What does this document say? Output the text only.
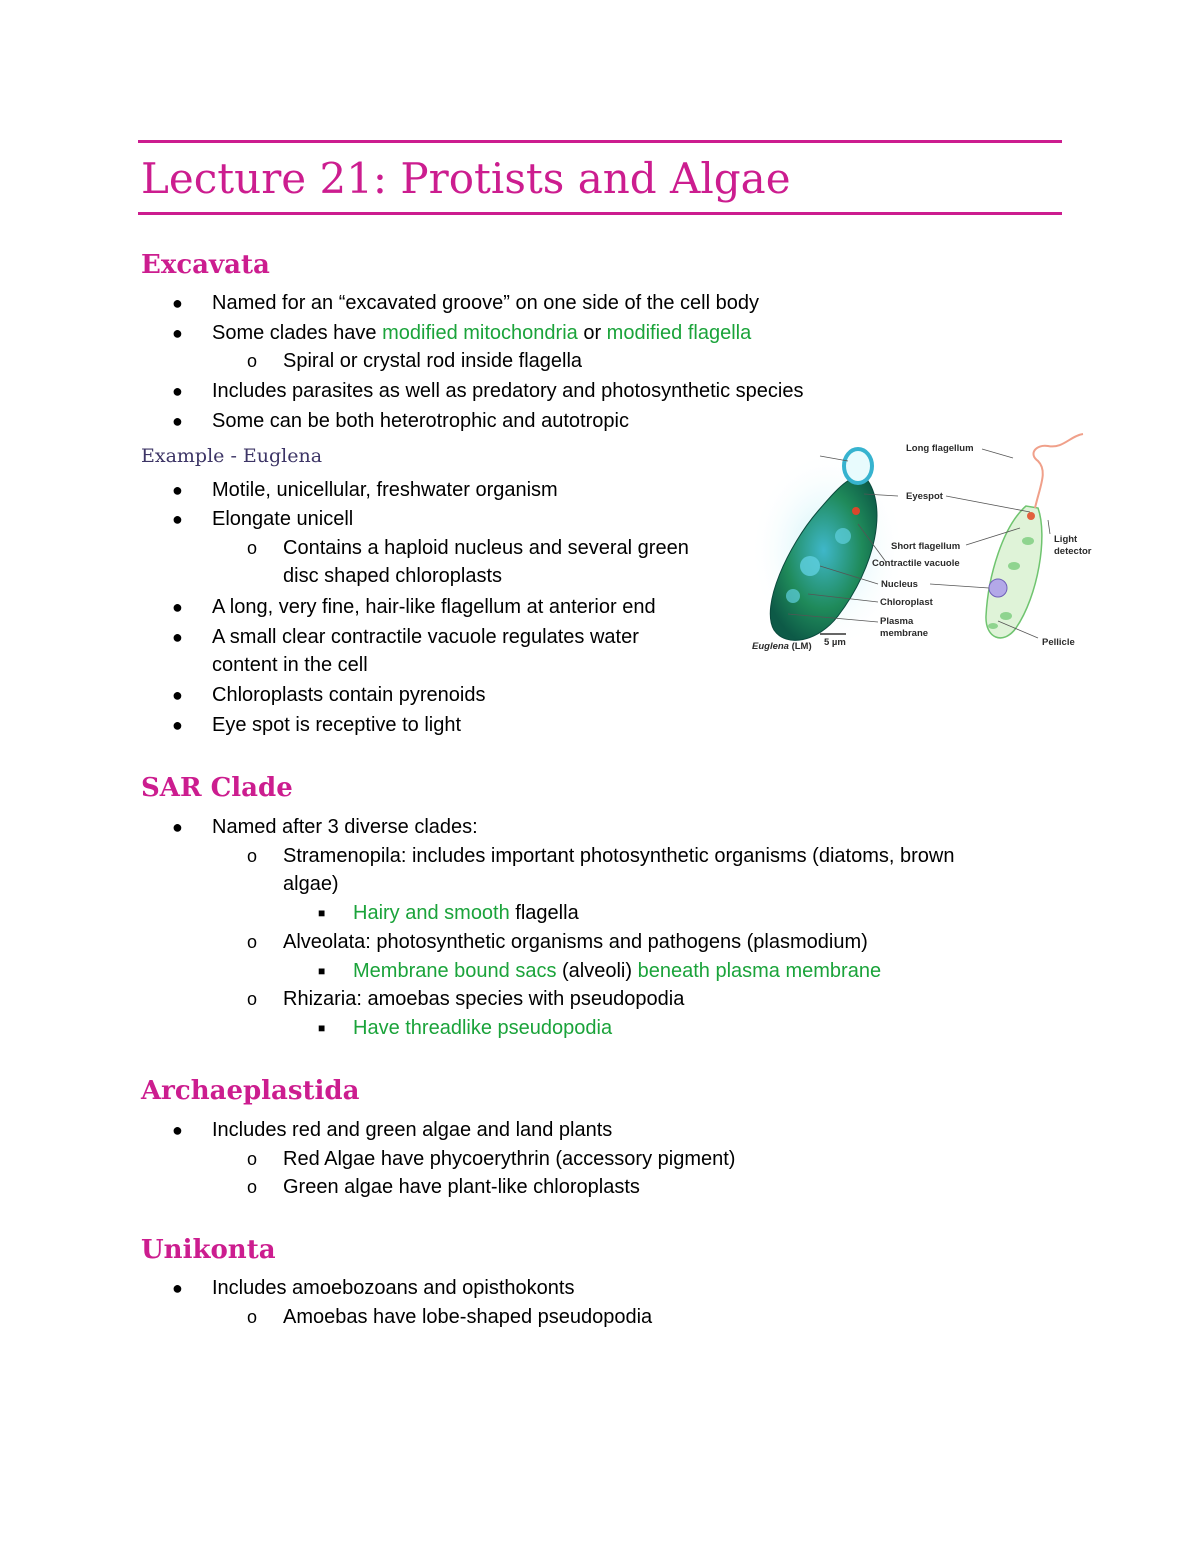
Lecture 21: Protists and Algae
Excavata
● Named for an “excavated groove” on one side of the cell body
● Some clades have modified mitochondria or modified flagella
o Spiral or crystal rod inside flagella
● Includes parasites as well as predatory and photosynthetic species
● Some can be both heterotrophic and autotropic
Example - Euglena
● Motile, unicellular, freshwater organism
● Elongate unicell
o Contains a haploid nucleus and several green
disc shaped chloroplasts
● A long, very fine, hair-like flagellum at anterior end
● A small clear contractile vacuole regulates water
content in the cell
● Chloroplasts contain pyrenoids
● Eye spot is receptive to light
Long flagellum
Eyespot
Light
detector
Short flagellum
Contractile vacuole
Nucleus
Chloroplast
Plasma
membrane
Pellicle
Euglena (LM) 5 µm
SAR Clade
● Named after 3 diverse clades:
o Stramenopila: includes important photosynthetic organisms (diatoms, brown
algae)
■ Hairy and smooth flagella
o Alveolata: photosynthetic organisms and pathogens (plasmodium)
■ Membrane bound sacs (alveoli) beneath plasma membrane
o Rhizaria: amoebas species with pseudopodia
■ Have threadlike pseudopodia
Archaeplastida
● Includes red and green algae and land plants
o Red Algae have phycoerythrin (accessory pigment)
o Green algae have plant-like chloroplasts
Unikonta
● Includes amoebozoans and opisthokonts
o Amoebas have lobe-shaped pseudopodia
